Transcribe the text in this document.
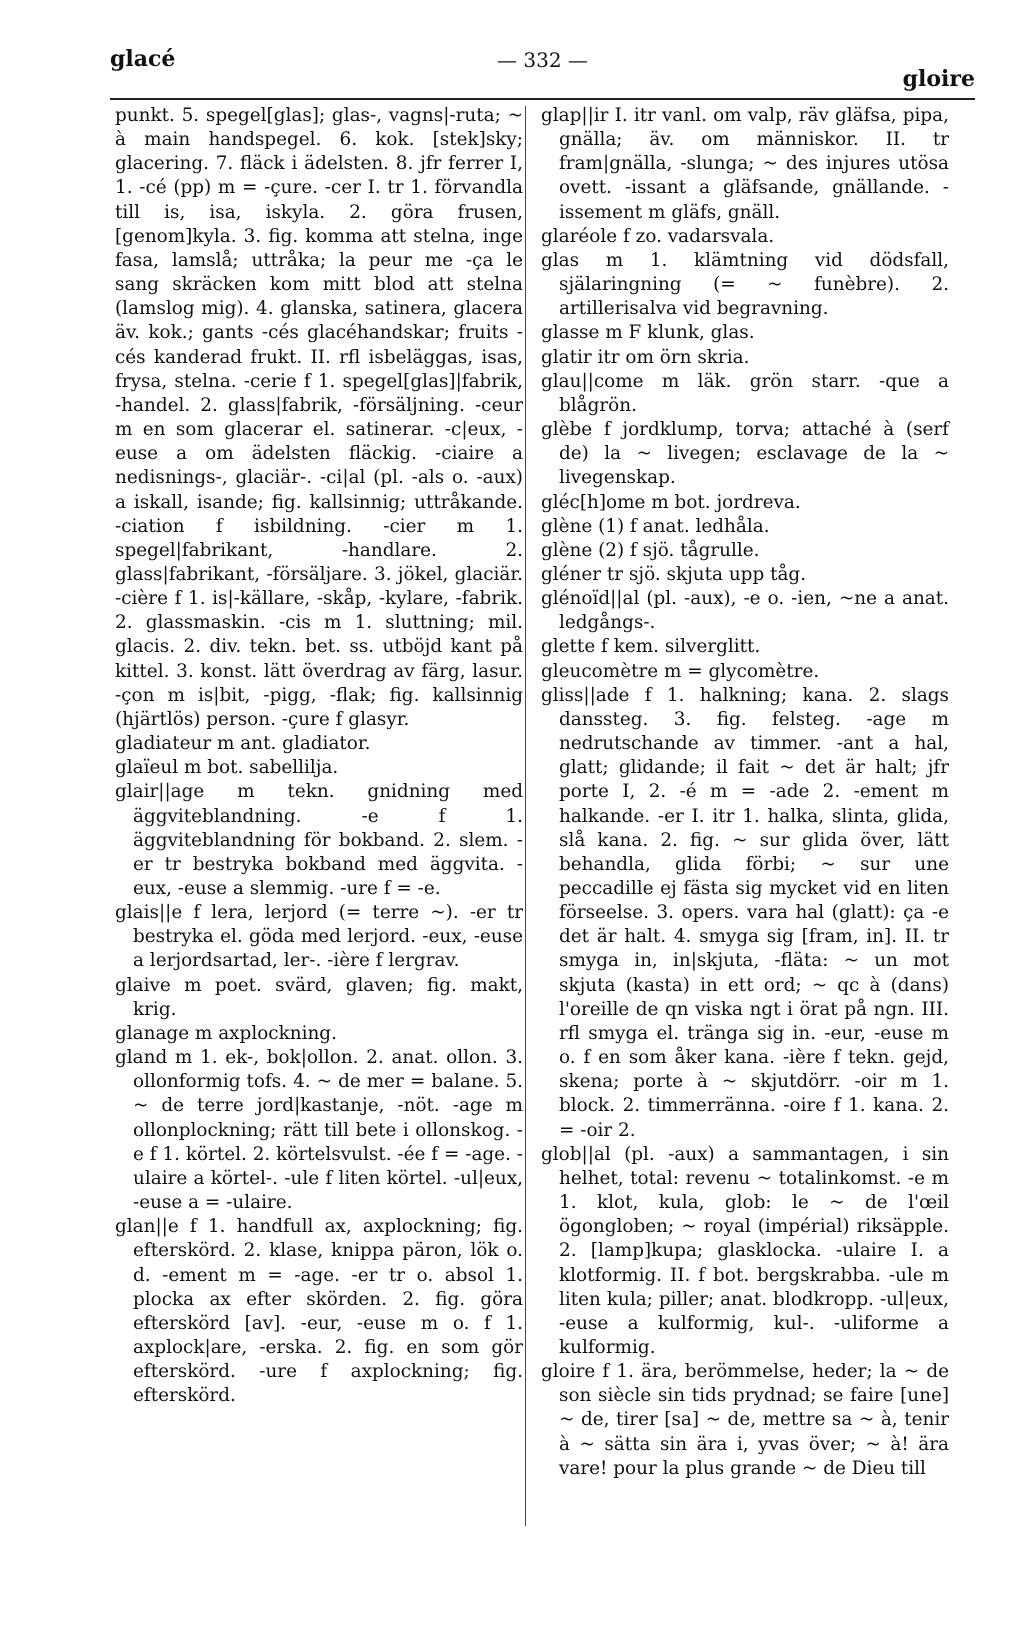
glacé	— 332 —
gloire

punkt. 5. spegel[glas]; glas-, vagns|-ruta; ~ à main handspegel. 6. kok. [stek]sky; glacering. 7. fläck i ädelsten. 8. jfr ferrer I, 1. -cé (pp) m = -çure. -cer I. tr 1. förvandla till is, isa, iskyla. 2. göra frusen, [genom]kyla. 3. fig. komma att stelna, inge fasa, lamslå; uttråka; la peur me -ça le sang skräcken kom mitt blod att stelna (lamslog mig). 4. glanska, satinera, glacera äv. kok.; gants -cés glacéhandskar; fruits -cés kanderad frukt. II. rfl isbeläggas, isas, frysa, stelna. -cerie f 1. spegel[glas]|fabrik, -handel. 2. glass|fabrik, -försäljning. -ceur m en som glacerar el. satinerar. -c|eux, -euse a om ädelsten fläckig. -ciaire a nedisnings-, glaciär-. -ci|al (pl. -als o. -aux) a iskall, isande; fig. kallsinnig; uttråkande. -ciation f isbildning. -cier m 1. spegel|fabrikant, -handlare. 2. glass|fabrikant, -försäljare. 3. jökel, glaciär. -cière f 1. is|-källare, -skåp, -kylare, -fabrik. 2. glassmaskin. -cis m 1. sluttning; mil. glacis. 2. div. tekn. bet. ss. utböjd kant på kittel. 3. konst. lätt överdrag av färg, lasur. -çon m is|bit, -pigg, -flak; fig. kallsinnig (hjärtlös) person. -çure f glasyr.

gladiateur m ant. gladiator.

glaïeul m bot. sabellilja.

glair||age m tekn. gnidning med äggviteblandning. -e f 1. äggviteblandning för bokband. 2. slem. -er tr bestryka bokband med äggvita. -eux, -euse a slemmig. -ure f = -e.

glais||e f lera, lerjord (= terre ~). -er tr bestryka el. göda med lerjord. -eux, -euse a lerjordsartad, ler-. -ière f lergrav.

glaive m poet. svärd, glaven; fig. makt, krig.

glanage m axplockning.

gland m 1. ek-, bok|ollon. 2. anat. ollon. 3. ollonformig tofs. 4. ~ de mer = balane. 5. ~ de terre jord|kastanje, -nöt. -age m ollonplockning; rätt till bete i ollonskog. -e f 1. körtel. 2. körtelsvulst. -ée f = -age. -ulaire a körtel-. -ule f liten körtel. -ul|eux, -euse a = -ulaire.

glan||e f 1. handfull ax, axplockning; fig. efterskörd. 2. klase, knippa päron, lök o. d. -ement m = -age. -er tr o. absol 1. plocka ax efter skörden. 2. fig. göra efterskörd [av]. -eur, -euse m o. f 1. axplock|are, -erska. 2. fig. en som gör efterskörd. -ure f axplockning; fig. efterskörd.

glap||ir I. itr vanl. om valp, räv gläfsa, pipa, gnälla; äv. om människor. II. tr fram|gnälla, -slunga; ~ des injures utösa ovett. -issant a gläfsande, gnällande. -issement m gläfs, gnäll.

glaréole f zo. vadarsvala.

glas m 1. klämtning vid dödsfall, själaringning (= ~ funèbre). 2. artillerisalva vid begravning.

glasse m F klunk, glas.

glatir itr om örn skria.

glau||come m läk. grön starr. -que a blågrön.

glèbe f jordklump, torva; attaché à (serf de) la ~ livegen; esclavage de la ~ livegenskap.

gléc[h]ome m bot. jordreva.

glène (1) f anat. ledhåla.

glène (2) f sjö. tågrulle.

gléner tr sjö. skjuta upp tåg.

glénoïd||al (pl. -aux), -e o. -ien, ~ne a anat. ledgångs-.

glette f kem. silverglitt.

gleucomètre m = glycomètre.

gliss||ade f 1. halkning; kana. 2. slags danssteg. 3. fig. felsteg. -age m nedrutschande av timmer. -ant a hal, glatt; glidande; il fait ~ det är halt; jfr porte I, 2. -é m = -ade 2. -ement m halkande. -er I. itr 1. halka, slinta, glida, slå kana. 2. fig. ~ sur glida över, lätt behandla, glida förbi; ~ sur une peccadille ej fästa sig mycket vid en liten förseelse. 3. opers. vara hal (glatt): ça -e det är halt. 4. smyga sig [fram, in]. II. tr smyga in, in|skjuta, -fläta: ~ un mot skjuta (kasta) in ett ord; ~ qc à (dans) l'oreille de qn viska ngt i örat på ngn. III. rfl smyga el. tränga sig in. -eur, -euse m o. f en som åker kana. -ière f tekn. gejd, skena; porte à ~ skjutdörr. -oir m 1. block. 2. timmerränna. -oire f 1. kana. 2. = -oir 2.

glob||al (pl. -aux) a sammantagen, i sin helhet, total: revenu ~ totalinkomst. -e m 1. klot, kula, glob: le ~ de l'œil ögongloben; ~ royal (impérial) riksäpple. 2. [lamp]kupa; glasklocka. -ulaire I. a klotformig. II. f bot. bergskrabba. -ule m liten kula; piller; anat. blodkropp. -ul|eux, -euse a kulformig, kul-. -uliforme a kulformig.

gloire f 1. ära, berömmelse, heder; la ~ de son siècle sin tids prydnad; se faire [une] ~ de, tirer [sa] ~ de, mettre sa ~ à, tenir à ~ sätta sin ära i, yvas över; ~ à! ära vare! pour la plus grande ~ de Dieu till
